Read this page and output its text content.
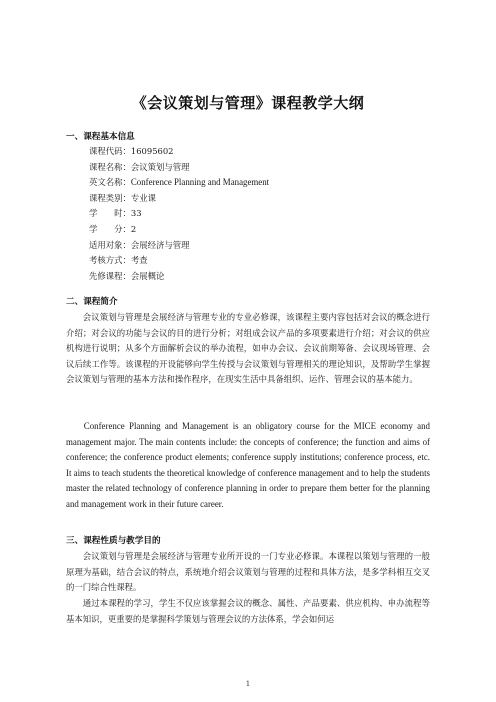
《会议策划与管理》课程教学大纲
一、课程基本信息
课程代码：16095602
课程名称：会议策划与管理
英文名称：Conference Planning and Management
课程类别：专业课
学　　时：33
学　　分：2
适用对象：会展经济与管理
考核方式：考查
先修课程：会展概论
二、课程简介

会议策划与管理是会展经济与管理专业的专业必修课，该课程主要内容包括对会议的概念进行介绍；对会议的功能与会议的目的进行分析；对组成会议产品的多项要素进行介绍；对会议的供应机构进行说明；从多个方面解析会议的举办流程，如申办会议、会议前期筹备、会议现场管理、会议后续工作等。该课程的开设能够向学生传授与会议策划与管理相关的理论知识，及帮助学生掌握会议策划与管理的基本方法和操作程序，在现实生活中具备组织、运作、管理会议的基本能力。

Conference Planning and Management is an obligatory course for the MICE economy and management major. The main contents include: the concepts of conference; the function and aims of conference; the conference product elements; conference supply institutions; conference process, etc. It aims to teach students the theoretical knowledge of conference management and to help the students master the related technology of conference planning in order to prepare them better for the planning and management work in their future career.

三、课程性质与教学目的

会议策划与管理是会展经济与管理专业所开设的一门专业必修课。本课程以策划与管理的一般原理为基础，结合会议的特点，系统地介绍会议策划与管理的过程和具体方法，是多学科相互交叉的一门综合性课程。

通过本课程的学习，学生不仅应该掌握会议的概念、属性、产品要素、供应机构、申办流程等基本知识，更重要的是掌握科学策划与管理会议的方法体系，学会如何运

1
